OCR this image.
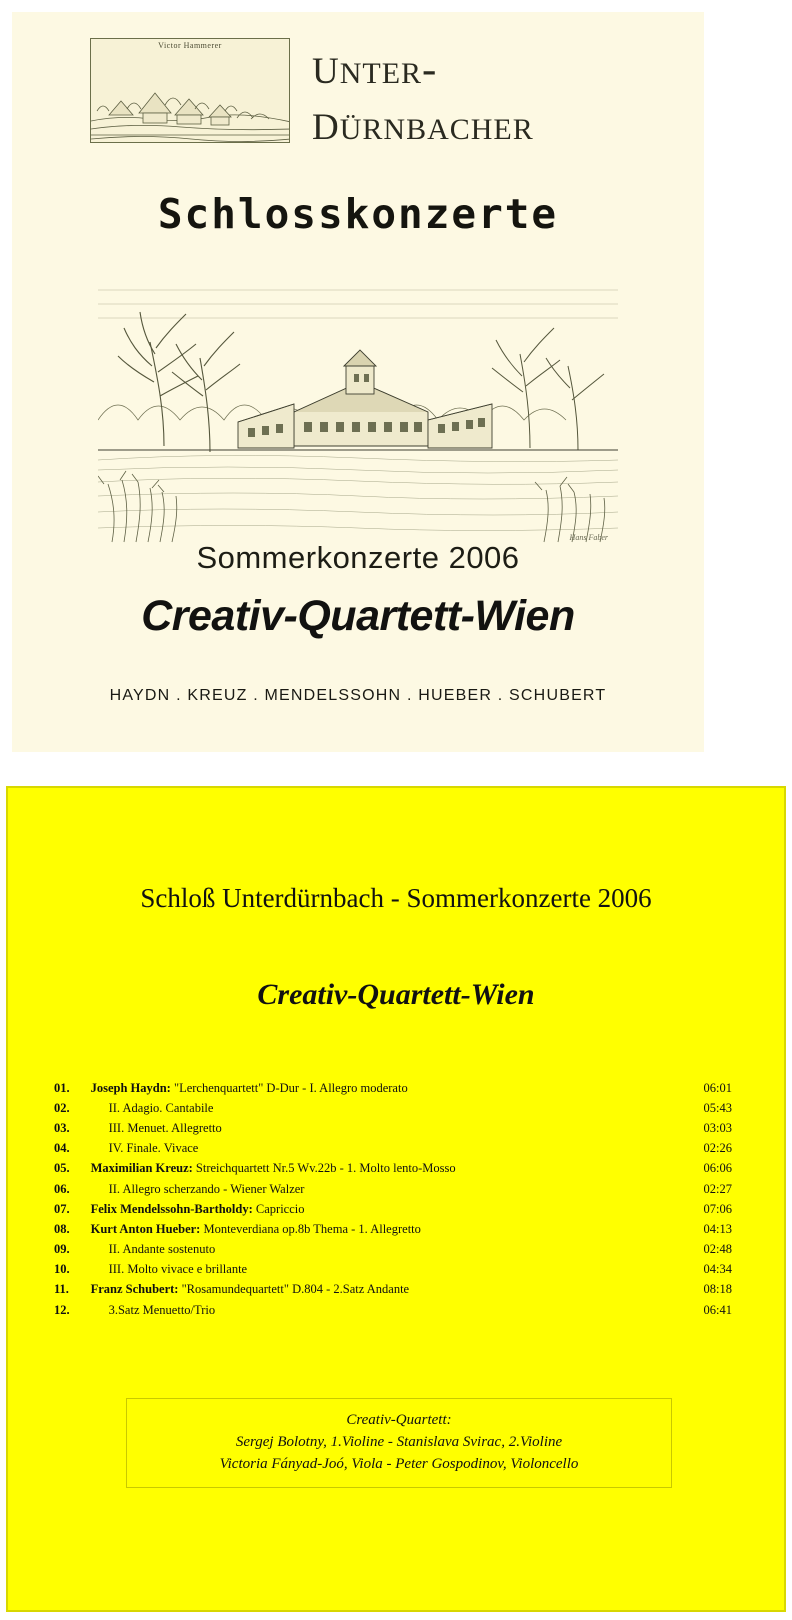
Victor Hammerer unter-
dürnbacher
Schlosskonzerte
Hans Faber
Sommerkonzerte 2006
Creativ-Quartett-Wien
HAYDN . KREUZ . MENDELSSOHN . HUEBER . SCHUBERT
Schloß Unterdürnbach - Sommerkonzerte 2006
Creativ-Quartett-Wien
01.	Joseph Haydn: "Lerchenquartett" D-Dur - I. Allegro moderato	06:01
02.	II. Adagio. Cantabile	05:43
03.	III. Menuet. Allegretto	03:03
04.	IV. Finale. Vivace	02:26
05.	Maximilian Kreuz: Streichquartett Nr.5 Wv.22b - 1. Molto lento-Mosso	06:06
06.	II. Allegro scherzando - Wiener Walzer	02:27
07.	Felix Mendelssohn-Bartholdy: Capriccio	07:06
08.	Kurt Anton Hueber: Monteverdiana op.8b Thema - 1. Allegretto	04:13
09.	II. Andante sostenuto	02:48
10.	III. Molto vivace e brillante	04:34
11.	Franz Schubert: "Rosamundequartett" D.804 - 2.Satz Andante	08:18
12.	3.Satz Menuetto/Trio	06:41
Creativ-Quartett:
Sergej Bolotny, 1.Violine - Stanislava Svirac, 2.Violine
Victoria Fányad-Joó, Viola - Peter Gospodinov, Violoncello
